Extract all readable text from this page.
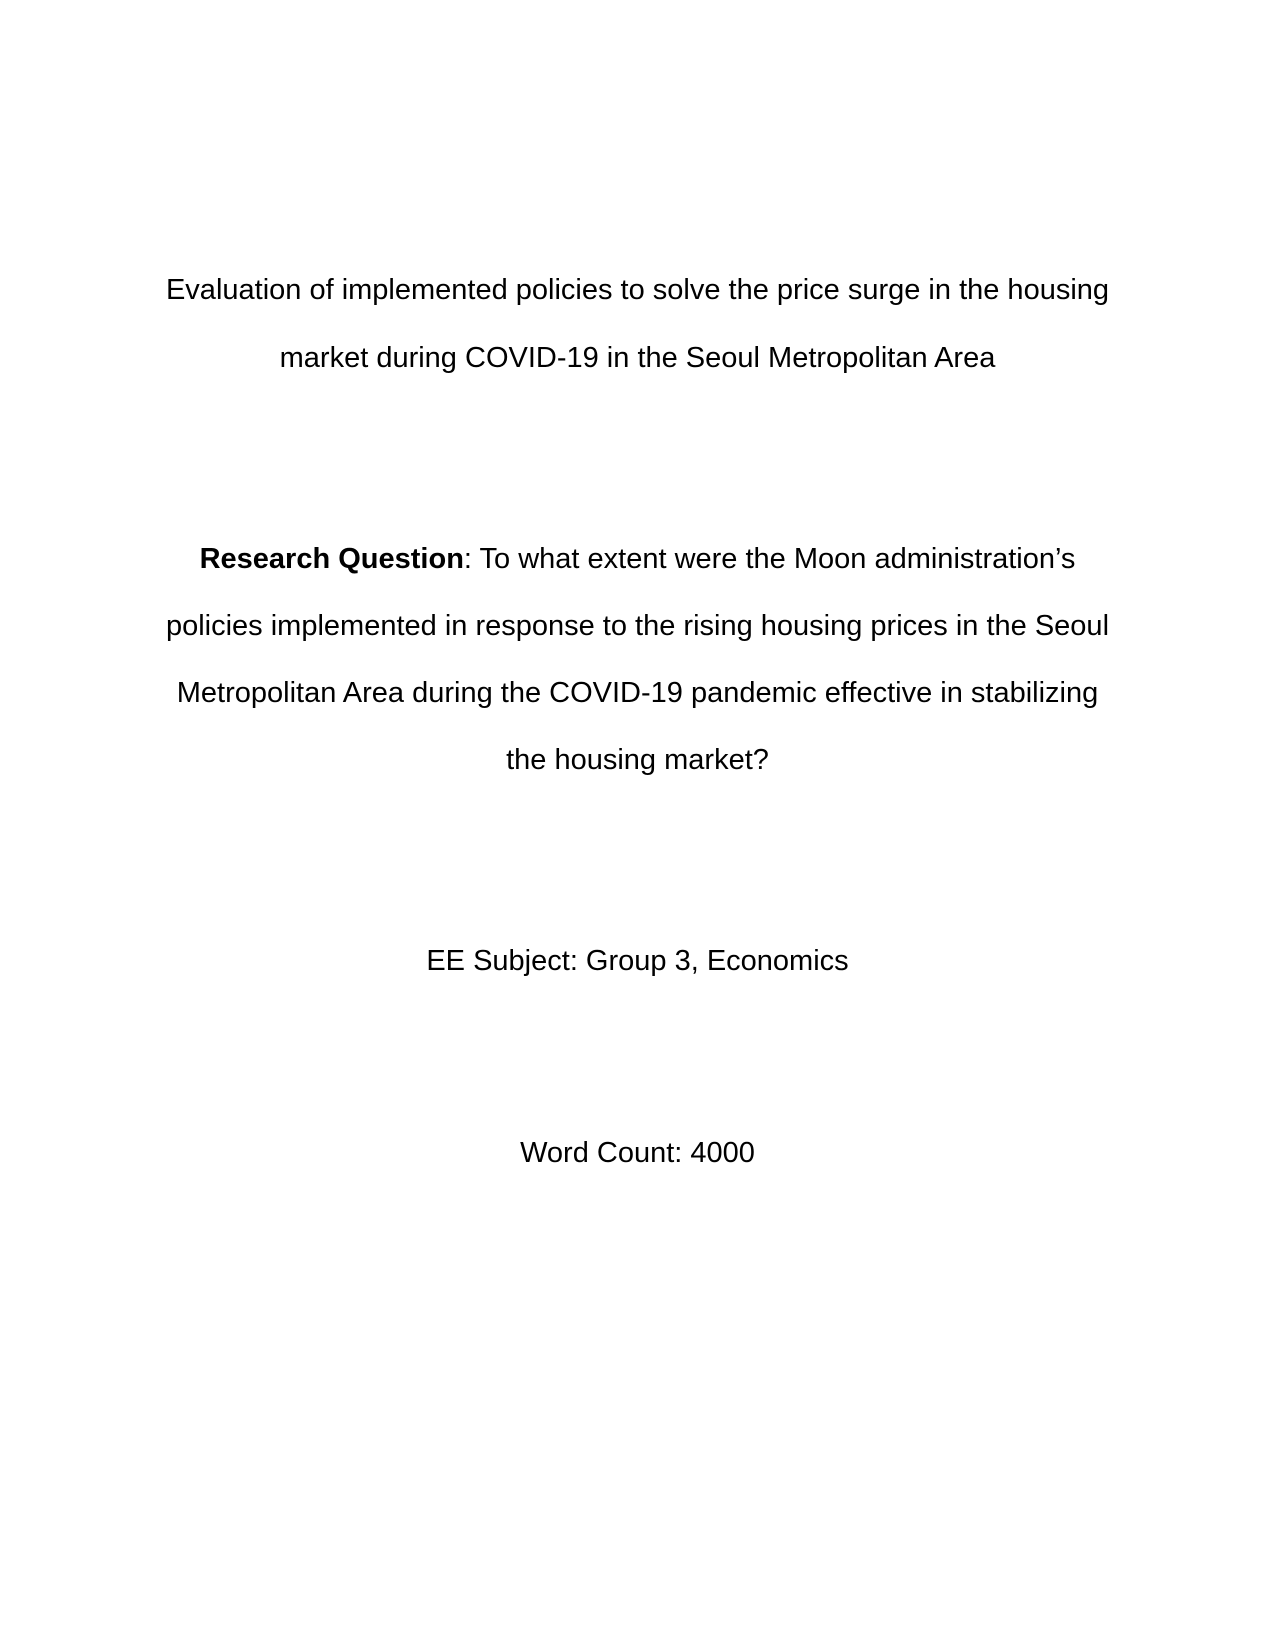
Evaluation of implemented policies to solve the price surge in the housing
market during COVID-19 in the Seoul Metropolitan Area
Research Question: To what extent were the Moon administration’s
policies implemented in response to the rising housing prices in the Seoul
Metropolitan Area during the COVID-19 pandemic effective in stabilizing
the housing market?
EE Subject: Group 3, Economics
Word Count: 4000
